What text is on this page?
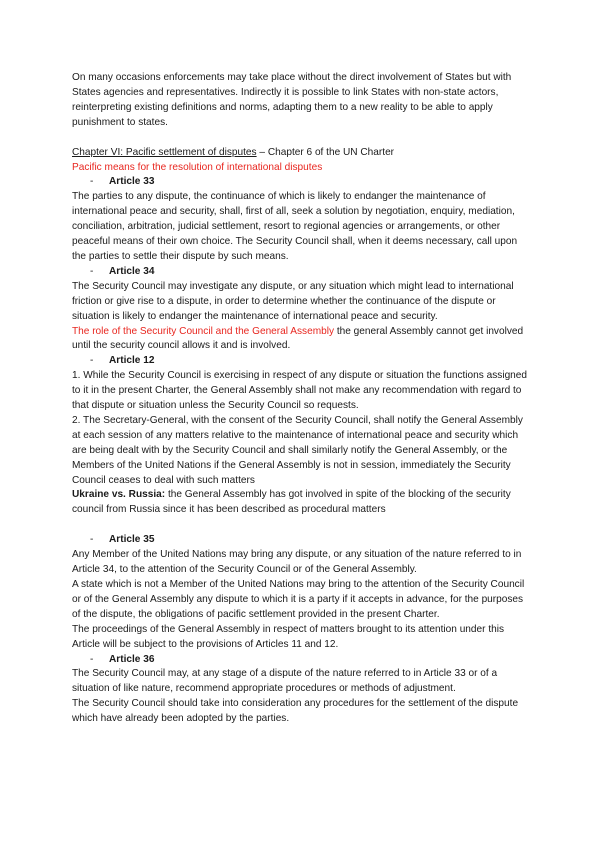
On many occasions enforcements may take place without the direct involvement of States but with States agencies and representatives. Indirectly it is possible to link States with non-state actors, reinterpreting existing definitions and norms, adapting them to a new reality to be able to apply punishment to states.

Chapter VI: Pacific settlement of disputes – Chapter 6 of the UN Charter

Pacific means for the resolution of international disputes

- Article 33

The parties to any dispute, the continuance of which is likely to endanger the maintenance of international peace and security, shall, first of all, seek a solution by negotiation, enquiry, mediation, conciliation, arbitration, judicial settlement, resort to regional agencies or arrangements, or other peaceful means of their own choice. The Security Council shall, when it deems necessary, call upon the parties to settle their dispute by such means.

- Article 34

The Security Council may investigate any dispute, or any situation which might lead to international friction or give rise to a dispute, in order to determine whether the continuance of the dispute or situation is likely to endanger the maintenance of international peace and security.

The role of the Security Council and the General Assembly the general Assembly cannot get involved until the security council allows it and is involved.

- Article 12

1. While the Security Council is exercising in respect of any dispute or situation the functions assigned to it in the present Charter, the General Assembly shall not make any recommendation with regard to that dispute or situation unless the Security Council so requests.

2. The Secretary-General, with the consent of the Security Council, shall notify the General Assembly at each session of any matters relative to the maintenance of international peace and security which are being dealt with by the Security Council and shall similarly notify the General Assembly, or the Members of the United Nations if the General Assembly is not in session, immediately the Security Council ceases to deal with such matters

Ukraine vs. Russia: the General Assembly has got involved in spite of the blocking of the security council from Russia since it has been described as procedural matters

- Article 35

Any Member of the United Nations may bring any dispute, or any situation of the nature referred to in Article 34, to the attention of the Security Council or of the General Assembly.

A state which is not a Member of the United Nations may bring to the attention of the Security Council or of the General Assembly any dispute to which it is a party if it accepts in advance, for the purposes of the dispute, the obligations of pacific settlement provided in the present Charter.

The proceedings of the General Assembly in respect of matters brought to its attention under this Article will be subject to the provisions of Articles 11 and 12.

- Article 36

The Security Council may, at any stage of a dispute of the nature referred to in Article 33 or of a situation of like nature, recommend appropriate procedures or methods of adjustment.

The Security Council should take into consideration any procedures for the settlement of the dispute which have already been adopted by the parties.
